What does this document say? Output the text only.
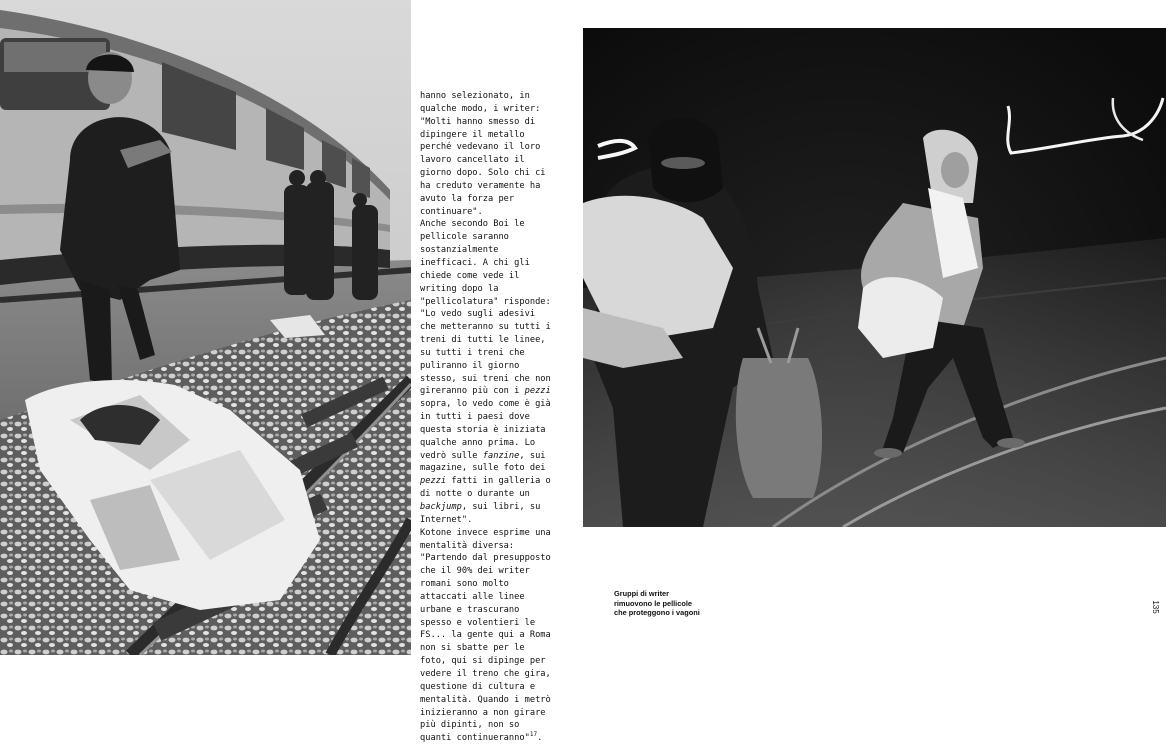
hanno selezionato, in qualche modo, i writer: "Molti hanno smesso di dipingere il metallo perché vedevano il loro lavoro cancellato il giorno dopo. Solo chi ci ha creduto veramente ha avuto la forza per continuare".

Anche secondo Boi le pellicole saranno sostanzialmente inefficaci. A chi gli chiede come vede il writing dopo la "pellicolatura" risponde: "Lo vedo sugli adesivi che metteranno su tutti i treni di tutti le linee, su tutti i treni che puliranno il giorno stesso, sui treni che non gireranno più con i pezzi sopra, lo vedo come è già in tutti i paesi dove questa storia è iniziata qualche anno prima. Lo vedrò sulle fanzine, sui magazine, sulle foto dei pezzi fatti in galleria o di notte o durante un backjump, sui libri, su Internet".

Kotone invece esprime una mentalità diversa: "Partendo dal presupposto che il 90% dei writer romani sono molto attaccati alle linee urbane e trascurano spesso e volentieri le FS... la gente qui a Roma non si sbatte per le foto, qui si dipinge per vedere il treno che gira, questione di cultura e mentalità. Quando i metrò inizieranno a non girare più dipinti, non so quanti continueranno"$^{17}$.

Gruppi di writer
rimuovono le pellicole
che proteggono i vagoni	135
